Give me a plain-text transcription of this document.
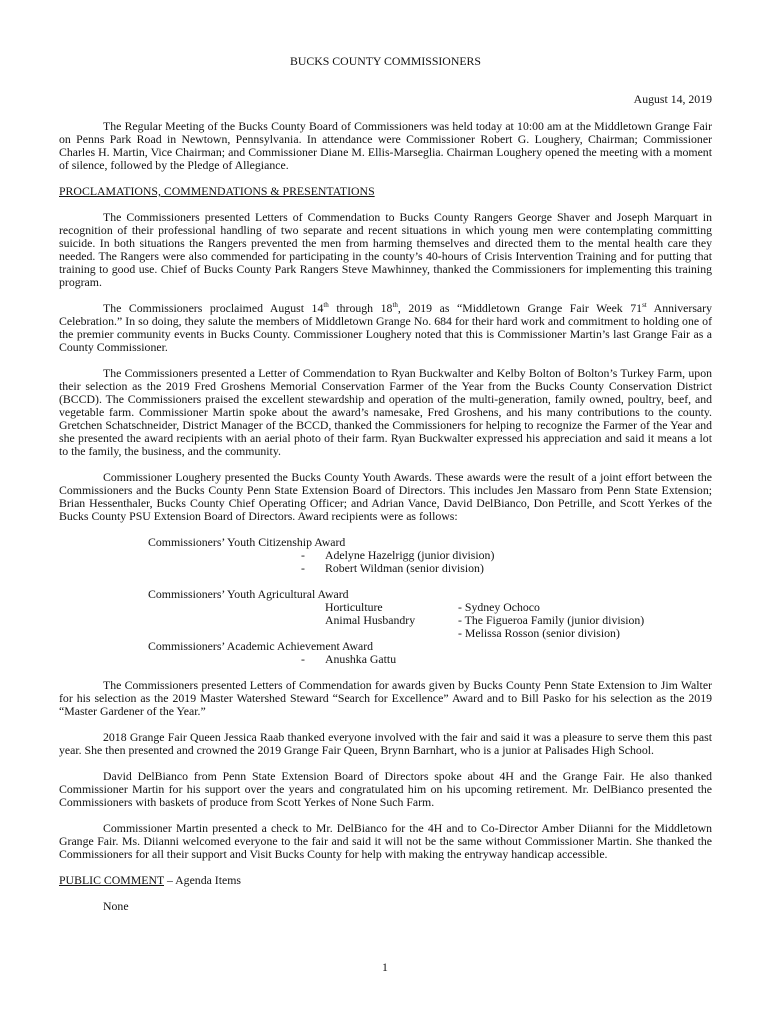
BUCKS COUNTY COMMISSIONERS
August 14, 2019

The Regular Meeting of the Bucks County Board of Commissioners was held today at 10:00 am at the Middletown Grange Fair on Penns Park Road in Newtown, Pennsylvania. In attendance were Commissioner Robert G. Loughery, Chairman; Commissioner Charles H. Martin, Vice Chairman; and Commissioner Diane M. Ellis-Marseglia. Chairman Loughery opened the meeting with a moment of silence, followed by the Pledge of Allegiance.

PROCLAMATIONS, COMMENDATIONS & PRESENTATIONS

The Commissioners presented Letters of Commendation to Bucks County Rangers George Shaver and Joseph Marquart in recognition of their professional handling of two separate and recent situations in which young men were contemplating committing suicide. In both situations the Rangers prevented the men from harming themselves and directed them to the mental health care they needed. The Rangers were also commended for participating in the county’s 40-hours of Crisis Intervention Training and for putting that training to good use. Chief of Bucks County Park Rangers Steve Mawhinney, thanked the Commissioners for implementing this training program.

The Commissioners proclaimed August 14th through 18th, 2019 as “Middletown Grange Fair Week 71st Anniversary Celebration.” In so doing, they salute the members of Middletown Grange No. 684 for their hard work and commitment to holding one of the premier community events in Bucks County. Commissioner Loughery noted that this is Commissioner Martin’s last Grange Fair as a County Commissioner.

The Commissioners presented a Letter of Commendation to Ryan Buckwalter and Kelby Bolton of Bolton’s Turkey Farm, upon their selection as the 2019 Fred Groshens Memorial Conservation Farmer of the Year from the Bucks County Conservation District (BCCD). The Commissioners praised the excellent stewardship and operation of the multi-generation, family owned, poultry, beef, and vegetable farm. Commissioner Martin spoke about the award’s namesake, Fred Groshens, and his many contributions to the county. Gretchen Schatschneider, District Manager of the BCCD, thanked the Commissioners for helping to recognize the Farmer of the Year and she presented the award recipients with an aerial photo of their farm. Ryan Buckwalter expressed his appreciation and said it means a lot to the family, the business, and the community.

Commissioner Loughery presented the Bucks County Youth Awards. These awards were the result of a joint effort between the Commissioners and the Bucks County Penn State Extension Board of Directors. This includes Jen Massaro from Penn State Extension; Brian Hessenthaler, Bucks County Chief Operating Officer; and Adrian Vance, David DelBianco, Don Petrille, and Scott Yerkes of the Bucks County PSU Extension Board of Directors. Award recipients were as follows:

Commissioners’ Youth Citizenship Award
-	Adelyne Hazelrigg (junior division)
-	Robert Wildman (senior division)
Commissioners’ Youth Agricultural Award
Horticulture	- Sydney Ochoco
Animal Husbandry	- The Figueroa Family (junior division)
- Melissa Rosson (senior division)
Commissioners’ Academic Achievement Award
-	Anushka Gattu

The Commissioners presented Letters of Commendation for awards given by Bucks County Penn State Extension to Jim Walter for his selection as the 2019 Master Watershed Steward “Search for Excellence” Award and to Bill Pasko for his selection as the 2019 “Master Gardener of the Year.”

2018 Grange Fair Queen Jessica Raab thanked everyone involved with the fair and said it was a pleasure to serve them this past year. She then presented and crowned the 2019 Grange Fair Queen, Brynn Barnhart, who is a junior at Palisades High School.

David DelBianco from Penn State Extension Board of Directors spoke about 4H and the Grange Fair. He also thanked Commissioner Martin for his support over the years and congratulated him on his upcoming retirement. Mr. DelBianco presented the Commissioners with baskets of produce from Scott Yerkes of None Such Farm.

Commissioner Martin presented a check to Mr. DelBianco for the 4H and to Co-Director Amber Diianni for the Middletown Grange Fair. Ms. Diianni welcomed everyone to the fair and said it will not be the same without Commissioner Martin. She thanked the Commissioners for all their support and Visit Bucks County for help with making the entryway handicap accessible.

PUBLIC COMMENT – Agenda Items
None
1
